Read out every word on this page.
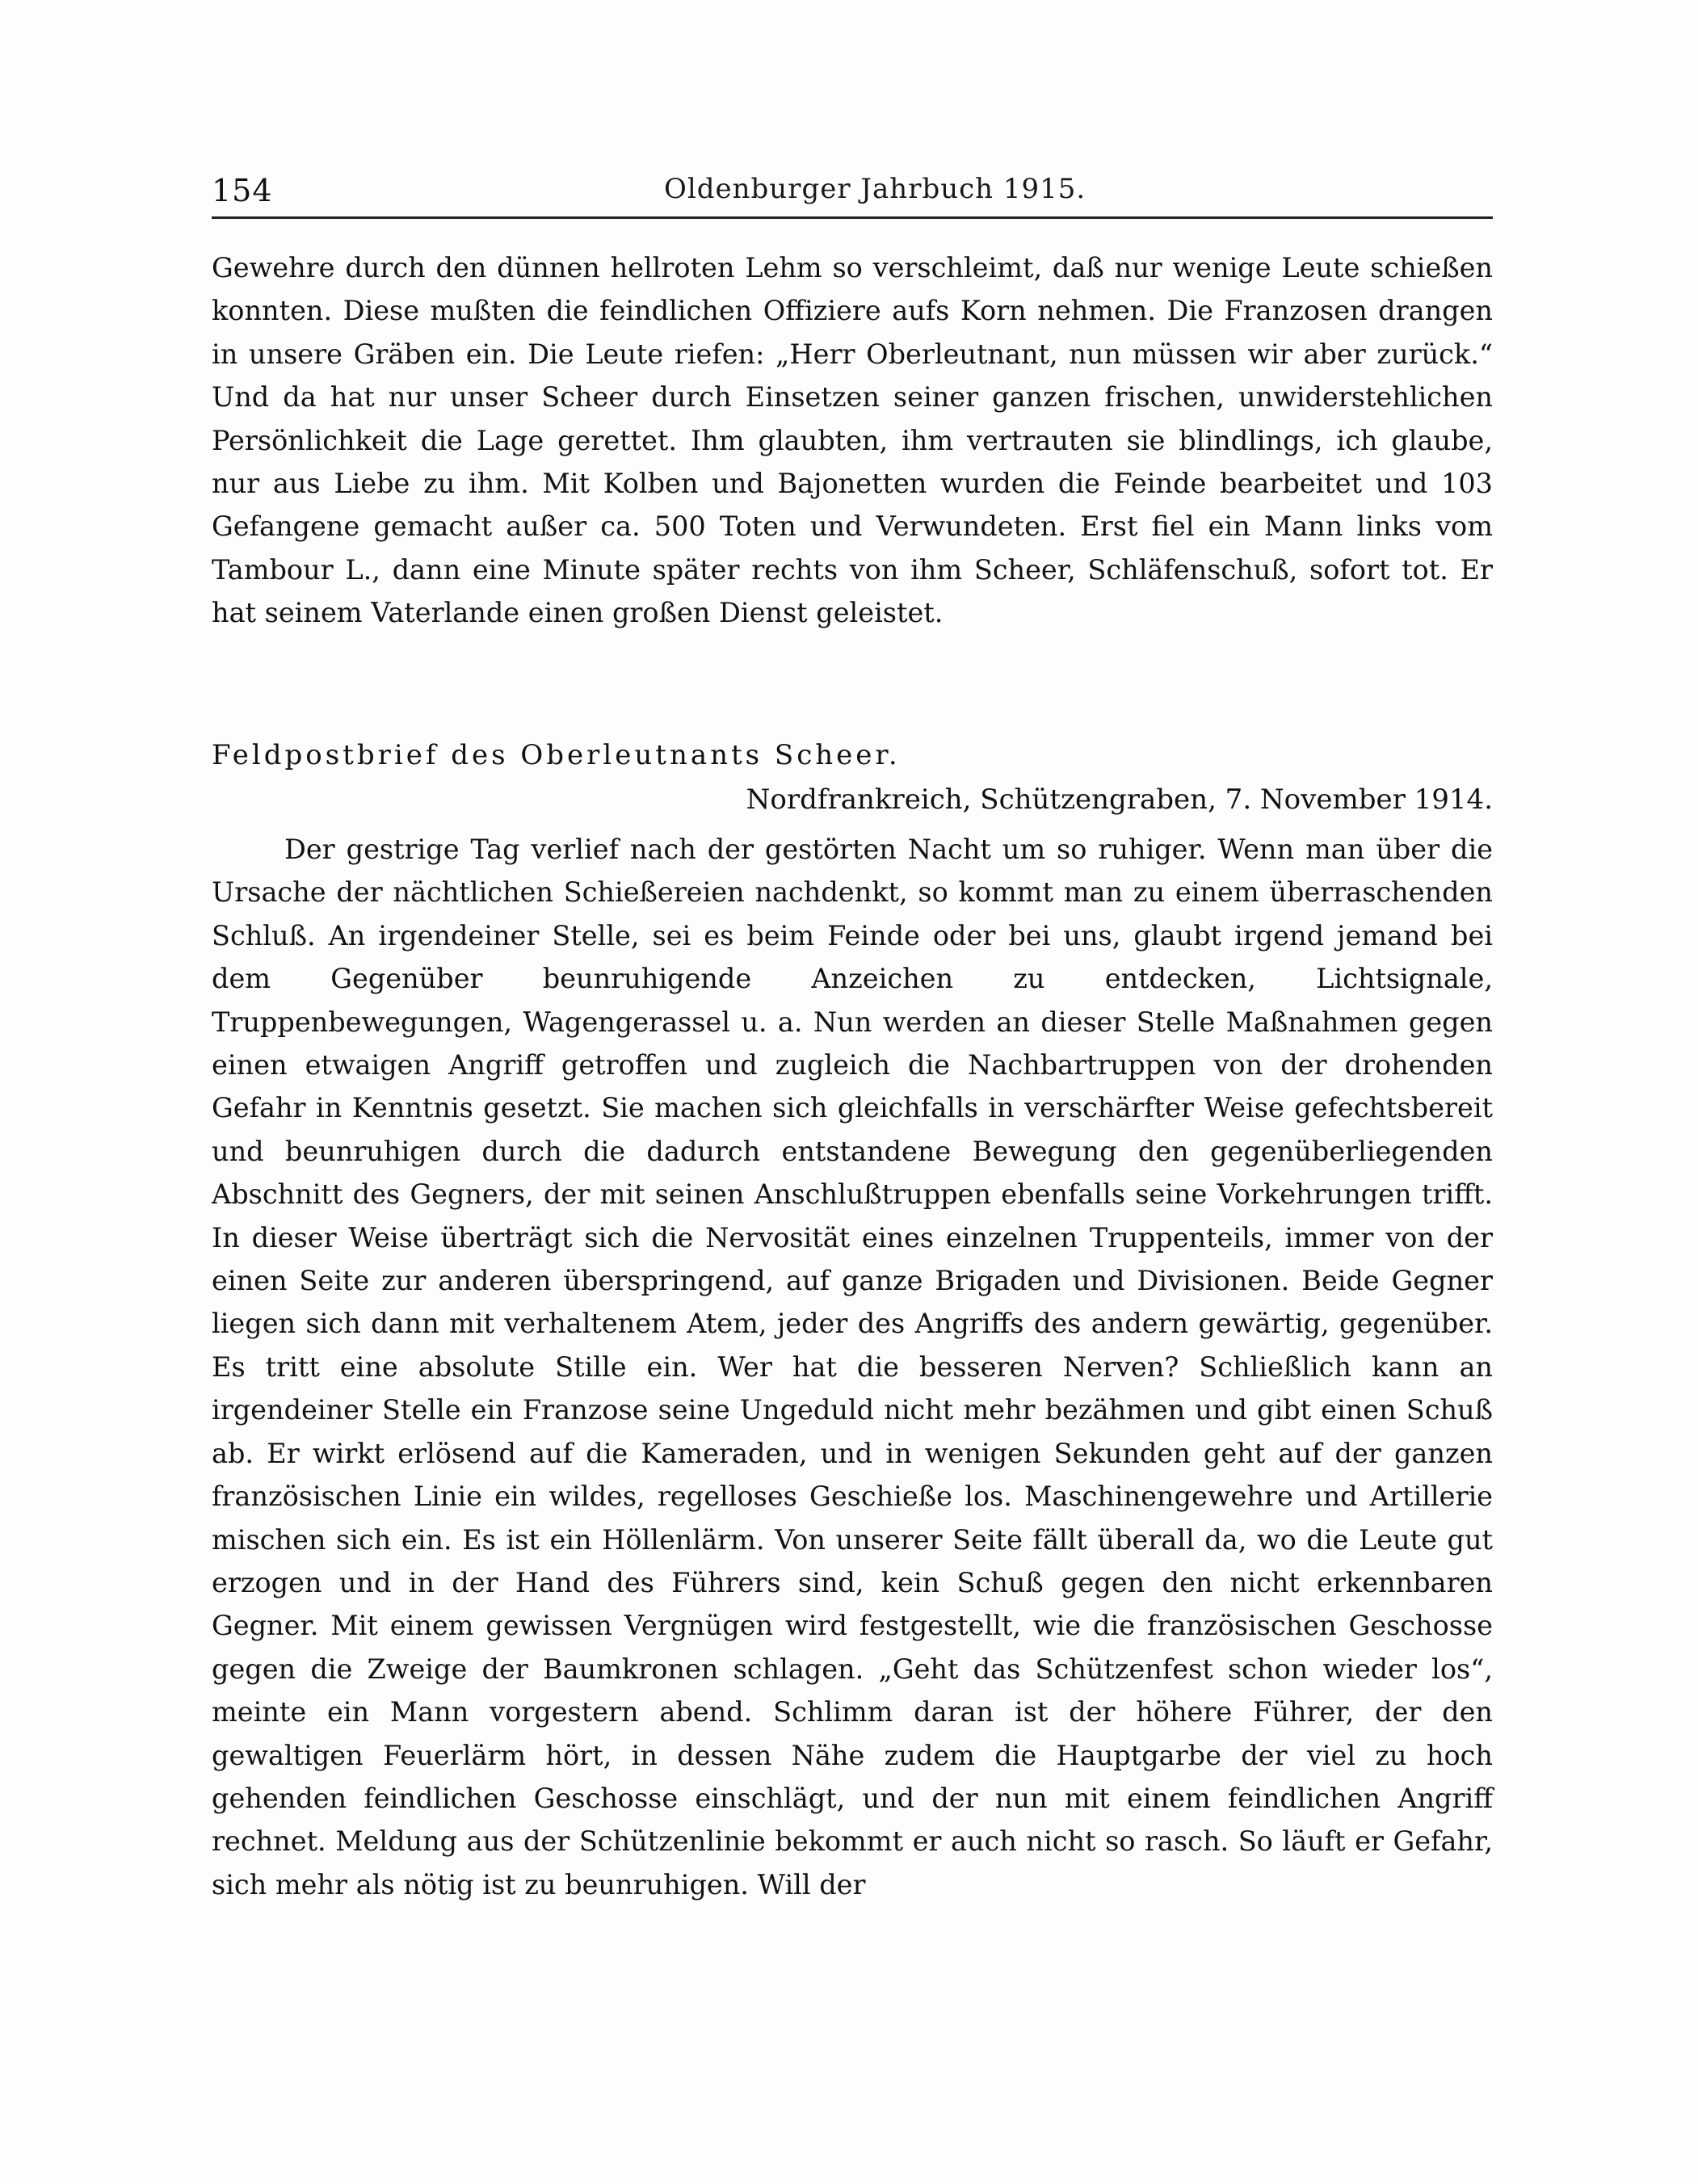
154	Oldenburger Jahrbuch 1915.

Gewehre durch den dünnen hellroten Lehm so verschleimt, daß nur wenige Leute schießen konnten. Diese mußten die feindlichen Offiziere aufs Korn nehmen. Die Franzosen drangen in unsere Gräben ein. Die Leute riefen: „Herr Oberleutnant, nun müssen wir aber zurück.“ Und da hat nur unser Scheer durch Einsetzen seiner ganzen frischen, unwiderstehlichen Persönlichkeit die Lage gerettet. Ihm glaubten, ihm vertrauten sie blindlings, ich glaube, nur aus Liebe zu ihm. Mit Kolben und Bajonetten wurden die Feinde bearbeitet und 103 Gefangene gemacht außer ca. 500 Toten und Verwundeten. Erst fiel ein Mann links vom Tambour L., dann eine Minute später rechts von ihm Scheer, Schläfenschuß, sofort tot. Er hat seinem Vaterlande einen großen Dienst geleistet.

Feldpostbrief des Oberleutnants Scheer.
Nordfrankreich, Schützengraben, 7. November 1914.

Der gestrige Tag verlief nach der gestörten Nacht um so ruhiger. Wenn man über die Ursache der nächtlichen Schießereien nachdenkt, so kommt man zu einem überraschenden Schluß. An irgendeiner Stelle, sei es beim Feinde oder bei uns, glaubt irgend jemand bei dem Gegenüber beunruhigende Anzeichen zu entdecken, Lichtsignale, Truppenbewegungen, Wagengerassel u. a. Nun werden an dieser Stelle Maßnahmen gegen einen etwaigen Angriff getroffen und zugleich die Nachbartruppen von der drohenden Gefahr in Kenntnis gesetzt. Sie machen sich gleichfalls in verschärfter Weise gefechtsbereit und beunruhigen durch die dadurch entstandene Bewegung den gegenüberliegenden Abschnitt des Gegners, der mit seinen Anschlußtruppen ebenfalls seine Vorkehrungen trifft. In dieser Weise überträgt sich die Nervosität eines einzelnen Truppenteils, immer von der einen Seite zur anderen überspringend, auf ganze Brigaden und Divisionen. Beide Gegner liegen sich dann mit verhaltenem Atem, jeder des Angriffs des andern gewärtig, gegenüber. Es tritt eine absolute Stille ein. Wer hat die besseren Nerven? Schließlich kann an irgendeiner Stelle ein Franzose seine Ungeduld nicht mehr bezähmen und gibt einen Schuß ab. Er wirkt erlösend auf die Kameraden, und in wenigen Sekunden geht auf der ganzen französischen Linie ein wildes, regelloses Geschieße los. Maschinengewehre und Artillerie mischen sich ein. Es ist ein Höllenlärm. Von unserer Seite fällt überall da, wo die Leute gut erzogen und in der Hand des Führers sind, kein Schuß gegen den nicht erkennbaren Gegner. Mit einem gewissen Vergnügen wird festgestellt, wie die französischen Geschosse gegen die Zweige der Baumkronen schlagen. „Geht das Schützenfest schon wieder los“, meinte ein Mann vorgestern abend. Schlimm daran ist der höhere Führer, der den gewaltigen Feuerlärm hört, in dessen Nähe zudem die Hauptgarbe der viel zu hoch gehenden feindlichen Geschosse einschlägt, und der nun mit einem feindlichen Angriff rechnet. Meldung aus der Schützenlinie bekommt er auch nicht so rasch. So läuft er Gefahr, sich mehr als nötig ist zu beunruhigen. Will der
